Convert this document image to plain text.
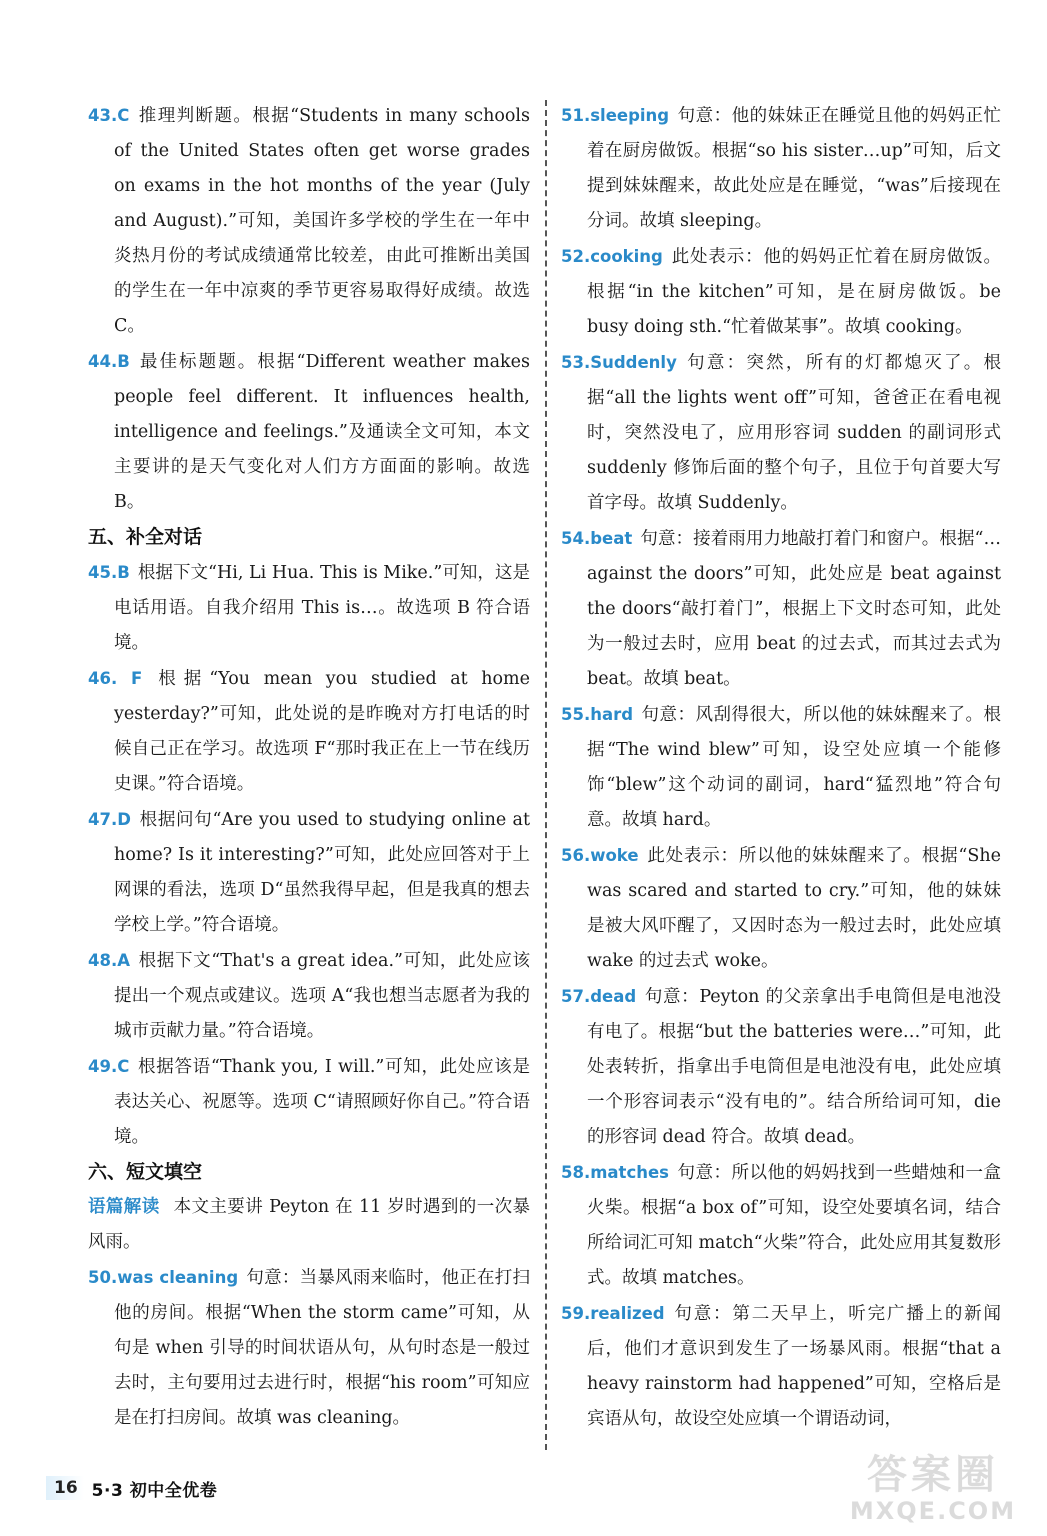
43.C 推理判断题。根据“Students in many schools of the United States often get worse grades on exams in the hot months of the year (July and August).”可知，美国许多学校的学生在一年中炎热月份的考试成绩通常比较差，由此可推断出美国的学生在一年中凉爽的季节更容易取得好成绩。故选 C。

44.B 最佳标题题。根据“Different weather makes people feel different. It influences health, intelligence and feelings.”及通读全文可知，本文主要讲的是天气变化对人们方方面面的影响。故选 B。

五、补全对话

45.B 根据下文“Hi, Li Hua. This is Mike.”可知，这是电话用语。自我介绍用 This is…。故选项 B 符合语境。

46. F 根据“You mean you studied at home yesterday?”可知，此处说的是昨晚对方打电话的时候自己正在学习。故选项 F“那时我正在上一节在线历史课。”符合语境。

47.D 根据问句“Are you used to studying online at home? Is it interesting?”可知，此处应回答对于上网课的看法，选项 D“虽然我得早起，但是我真的想去学校上学。”符合语境。

48.A 根据下文“That's a great idea.”可知，此处应该提出一个观点或建议。选项 A“我也想当志愿者为我的城市贡献力量。”符合语境。

49.C 根据答语“Thank you, I will.”可知，此处应该是表达关心、祝愿等。选项 C“请照顾好你自己。”符合语境。

六、短文填空

语篇解读 本文主要讲 Peyton 在 11 岁时遇到的一次暴风雨。

50.was cleaning 句意：当暴风雨来临时，他正在打扫他的房间。根据“When the storm came”可知，从句是 when 引导的时间状语从句，从句时态是一般过去时，主句要用过去进行时，根据“his room”可知应是在打扫房间。故填 was cleaning。

51.sleeping 句意：他的妹妹正在睡觉且他的妈妈正忙着在厨房做饭。根据“so his sister…up”可知，后文提到妹妹醒来，故此处应是在睡觉，“was”后接现在分词。故填 sleeping。

52.cooking 此处表示：他的妈妈正忙着在厨房做饭。根据“in the kitchen”可知，是在厨房做饭。be busy doing sth.“忙着做某事”。故填 cooking。

53.Suddenly 句意：突然，所有的灯都熄灭了。根据“all the lights went off”可知，爸爸正在看电视时，突然没电了，应用形容词 sudden 的副词形式 suddenly 修饰后面的整个句子，且位于句首要大写首字母。故填 Suddenly。

54.beat 句意：接着雨用力地敲打着门和窗户。根据“… against the doors”可知，此处应是 beat against the doors“敲打着门”，根据上下文时态可知，此处为一般过去时，应用 beat 的过去式，而其过去式为 beat。故填 beat。

55.hard 句意：风刮得很大，所以他的妹妹醒来了。根据“The wind blew”可知，设空处应填一个能修饰“blew”这个动词的副词，hard“猛烈地”符合句意。故填 hard。

56.woke 此处表示：所以他的妹妹醒来了。根据“She was scared and started to cry.”可知，他的妹妹是被大风吓醒了，又因时态为一般过去时，此处应填 wake 的过去式 woke。

57.dead 句意：Peyton 的父亲拿出手电筒但是电池没有电了。根据“but the batteries were…”可知，此处表转折，指拿出手电筒但是电池没有电，此处应填一个形容词表示“没有电的”。结合所给词可知，die 的形容词 dead 符合。故填 dead。

58.matches 句意：所以他的妈妈找到一些蜡烛和一盒火柴。根据“a box of”可知，设空处要填名词，结合所给词汇可知 match“火柴”符合，此处应用其复数形式。故填 matches。

59.realized 句意：第二天早上，听完广播上的新闻后，他们才意识到发生了一场暴风雨。根据“that a heavy rainstorm had happened”可知，空格后是宾语从句，故设空处应填一个谓语动词，

16 5·3 初中全优卷	答案圈
MXQE.COM
